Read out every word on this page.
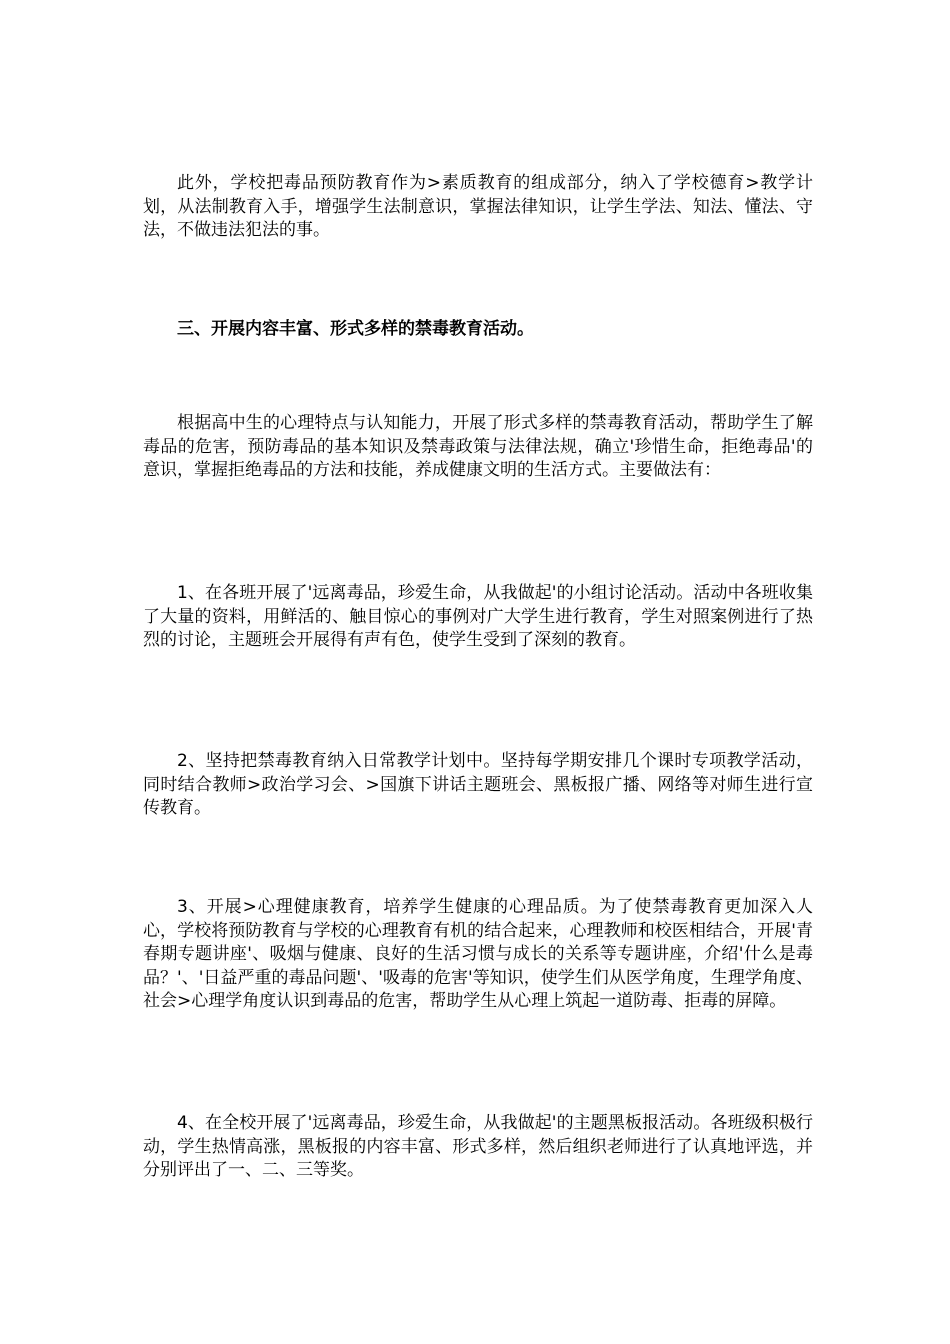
此外，学校把毒品预防教育作为>素质教育的组成部分，纳入了学校德育>教学计划，从法制教育入手，增强学生法制意识，掌握法律知识，让学生学法、知法、懂法、守法，不做违法犯法的事。

三、开展内容丰富、形式多样的禁毒教育活动。

根据高中生的心理特点与认知能力，开展了形式多样的禁毒教育活动，帮助学生了解毒品的危害，预防毒品的基本知识及禁毒政策与法律法规，确立'珍惜生命，拒绝毒品'的意识，掌握拒绝毒品的方法和技能，养成健康文明的生活方式。主要做法有：

1、在各班开展了'远离毒品，珍爱生命，从我做起'的小组讨论活动。活动中各班收集了大量的资料，用鲜活的、触目惊心的事例对广大学生进行教育，学生对照案例进行了热烈的讨论，主题班会开展得有声有色，使学生受到了深刻的教育。

2、坚持把禁毒教育纳入日常教学计划中。坚持每学期安排几个课时专项教学活动，同时结合教师>政治学习会、>国旗下讲话主题班会、黑板报广播、网络等对师生进行宣传教育。

3、开展>心理健康教育，培养学生健康的心理品质。为了使禁毒教育更加深入人心，学校将预防教育与学校的心理教育有机的结合起来，心理教师和校医相结合，开展'青春期专题讲座'、吸烟与健康、良好的生活习惯与成长的关系等专题讲座，介绍'什么是毒品？'、'日益严重的毒品问题'、'吸毒的危害'等知识，使学生们从医学角度，生理学角度、社会>心理学角度认识到毒品的危害，帮助学生从心理上筑起一道防毒、拒毒的屏障。

4、在全校开展了'远离毒品，珍爱生命，从我做起'的主题黑板报活动。各班级积极行动，学生热情高涨，黑板报的内容丰富、形式多样，然后组织老师进行了认真地评选，并分别评出了一、二、三等奖。
